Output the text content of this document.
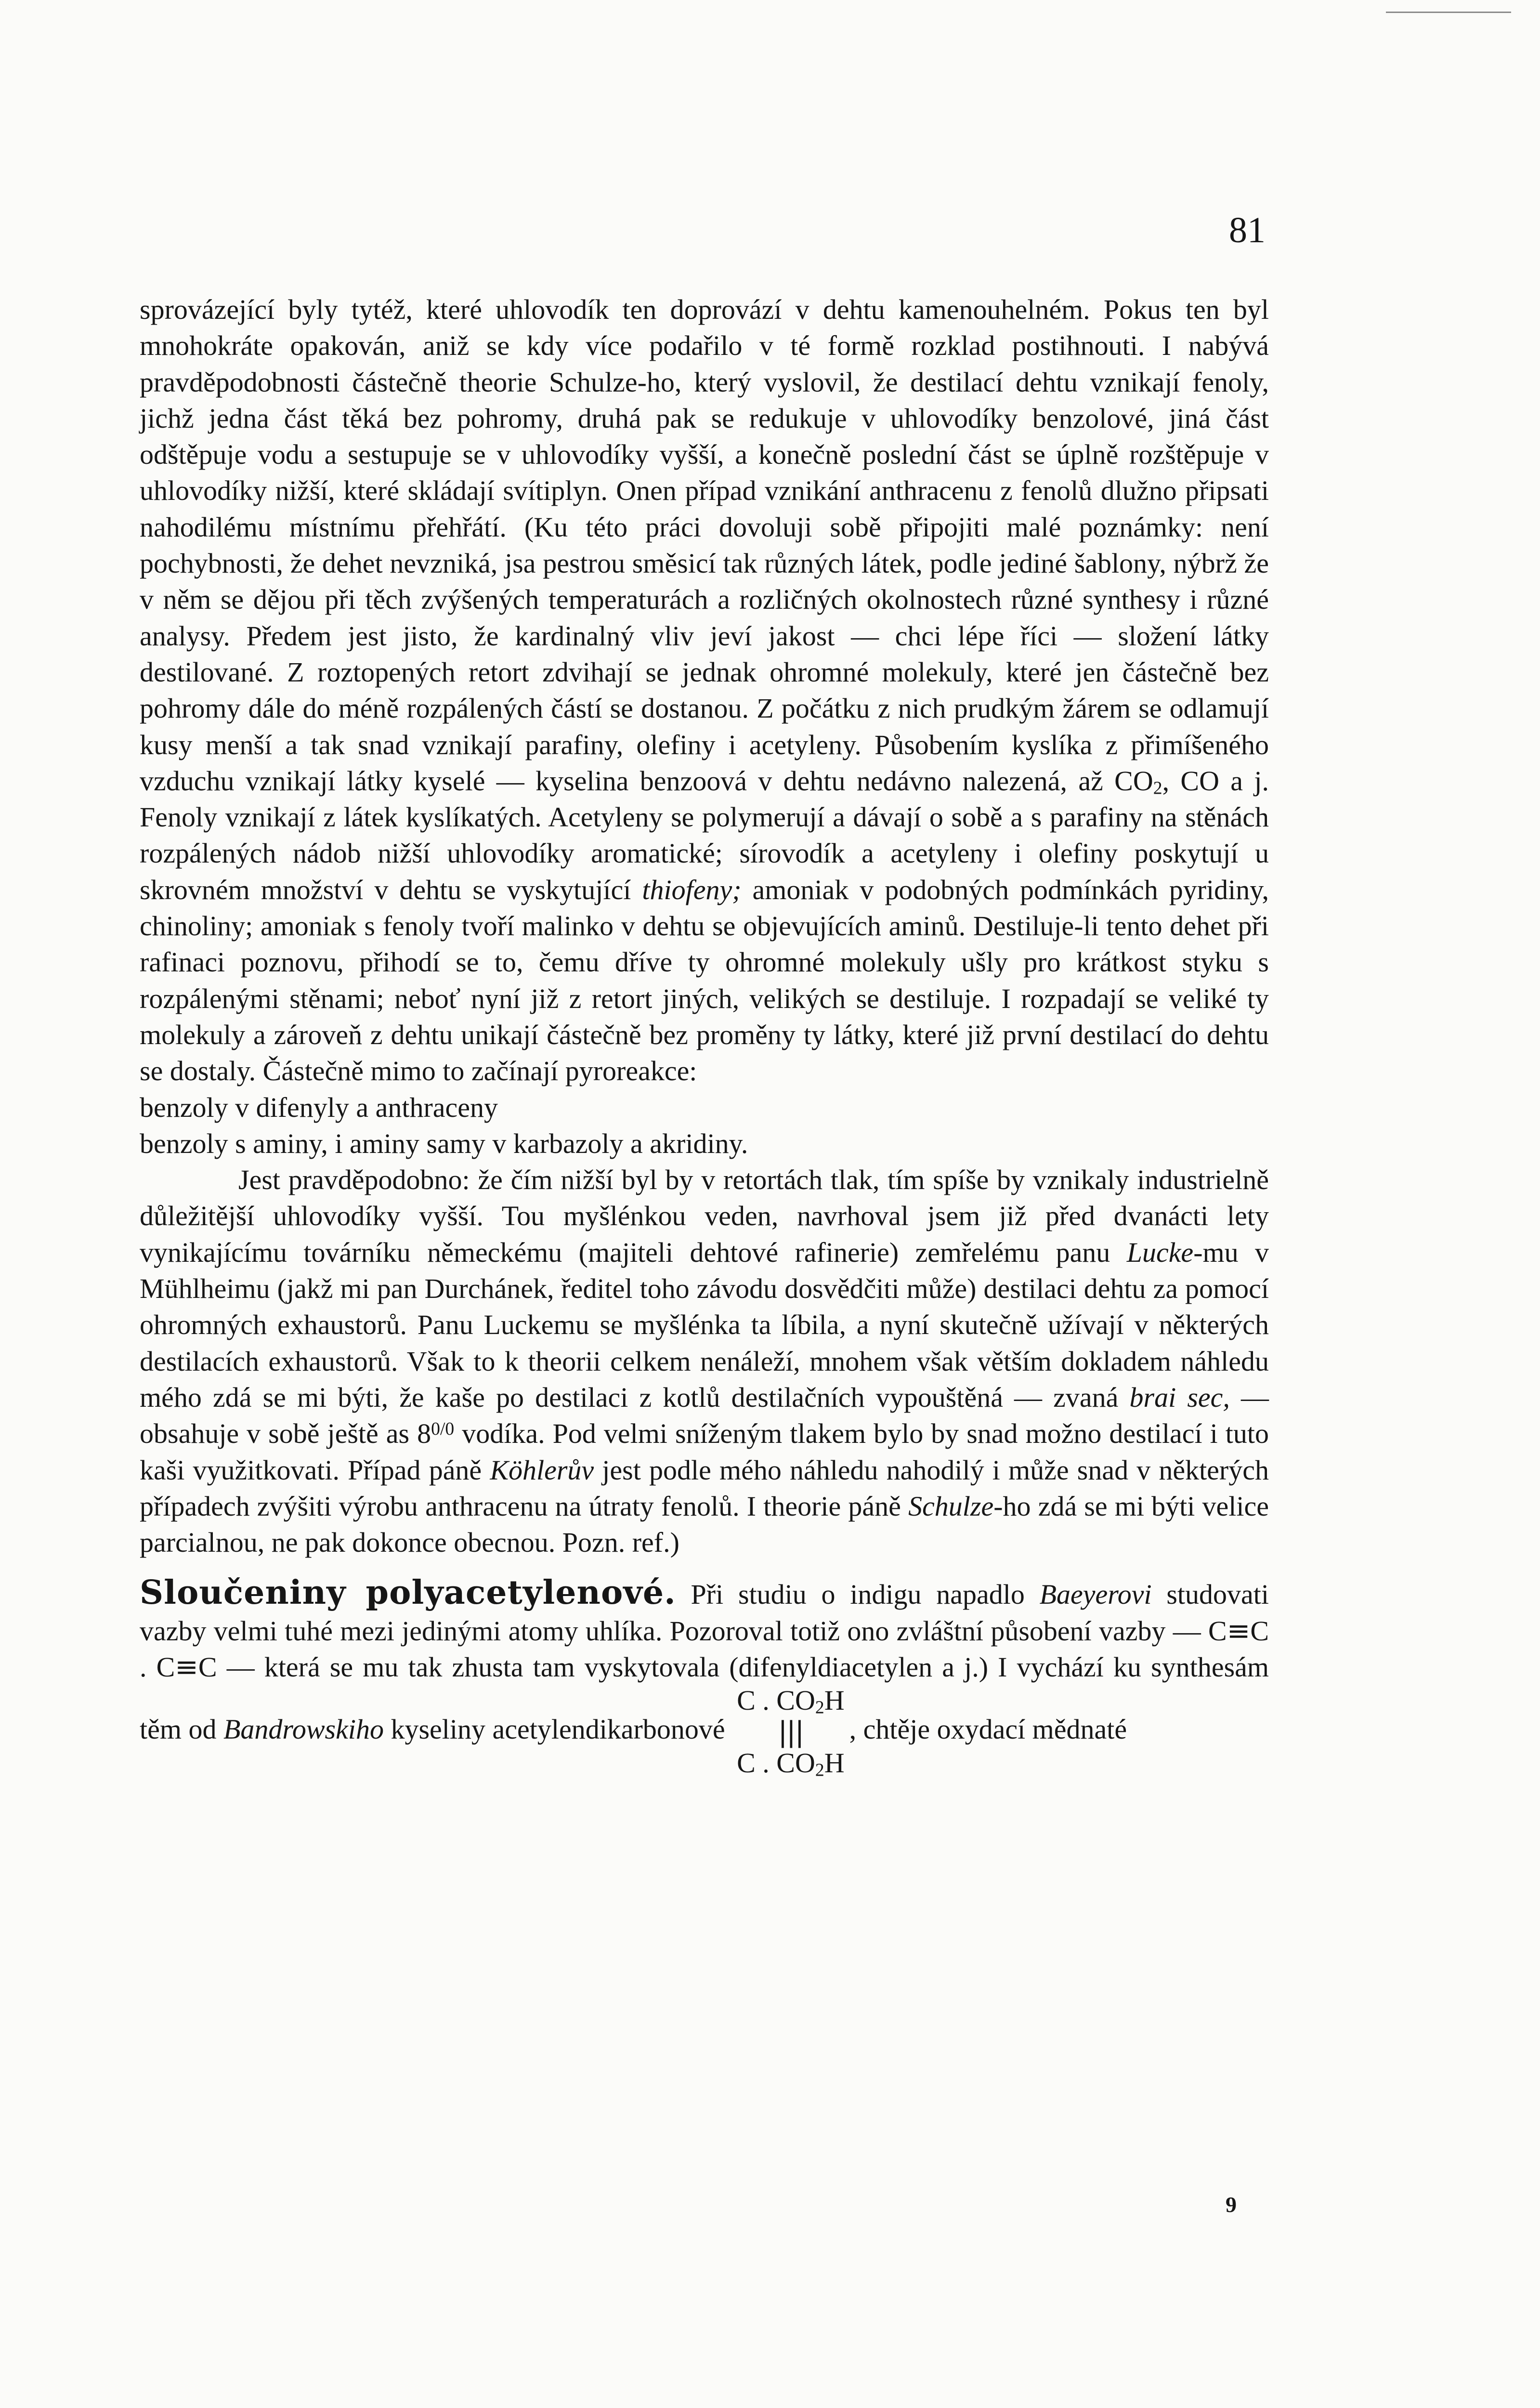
81

sprovázející byly tytéž, které uhlovodík ten doprovází v dehtu kamenouhelném. Pokus ten byl mnohokráte opakován, aniž se kdy více podařilo v té formě rozklad postihnouti. I nabývá pravděpodobnosti částečně theorie Schulze-ho, který vyslovil, že destilací dehtu vznikají fenoly, jichž jedna část těká bez pohromy, druhá pak se redukuje v uhlovodíky benzolové, jiná část odštěpuje vodu a sestupuje se v uhlovodíky vyšší, a konečně poslední část se úplně rozštěpuje v uhlovodíky nižší, které skládají svítiplyn. Onen případ vznikání anthracenu z fenolů dlužno připsati nahodilému místnímu přehřátí. (Ku této práci dovoluji sobě připojiti malé poznámky: není pochybnosti, že dehet nevzniká, jsa pestrou směsicí tak různých látek, podle jediné šablony, nýbrž že v něm se dějou při těch zvýšených temperaturách a rozličných okolnostech různé synthesy i různé analysy. Předem jest jisto, že kardinalný vliv jeví jakost — chci lépe říci — složení látky destilované. Z roztopených retort zdvihají se jednak ohromné molekuly, které jen částečně bez pohromy dále do méně rozpálených částí se dostanou. Z počátku z nich prudkým žárem se odlamují kusy menší a tak snad vznikají parafiny, olefiny i acetyleny. Působením kyslíka z přimíšeného vzduchu vznikají látky kyselé — kyselina benzoová v dehtu nedávno nalezená, až $CO_2$, CO a j. Fenoly vznikají z látek kyslíkatých. Acetyleny se polymerují a dávají o sobě a s parafiny na stěnách rozpálených nádob nižší uhlovodíky aromatické; sírovodík a acetyleny i olefiny poskytují u skrovném množství v dehtu se vyskytující thiofeny; amoniak v podobných podmínkách pyridiny, chinoliny; amoniak s fenoly tvoří malinko v dehtu se objevujících aminů. Destiluje-li tento dehet při rafinaci poznovu, přihodí se to, čemu dříve ty ohromné molekuly ušly pro krátkost styku s rozpálenými stěnami; neboť nyní již z retort jiných, velikých se destiluje. I rozpadají se veliké ty molekuly a zároveň z dehtu unikají částečně bez proměny ty látky, které již první destilací do dehtu se dostaly. Částečně mimo to začínají pyroreakce:

benzoly v difenyly a anthraceny

benzoly s aminy, i aminy samy v karbazoly a akridiny.

Jest pravděpodobno: že čím nižší byl by v retortách tlak, tím spíše by vznikaly industrielně důležitější uhlovodíky vyšší. Tou myšlénkou veden, navrhoval jsem již před dvanácti lety vynikajícímu továrníku německému (majiteli dehtové rafinerie) zemřelému panu Lucke-mu v Mühlheimu (jakž mi pan Durchánek, ředitel toho závodu dosvědčiti může) destilaci dehtu za pomocí ohromných exhaustorů. Panu Luckemu se myšlénka ta líbila, a nyní skutečně užívají v některých destilacích exhaustorů. Však to k theorii celkem nenáleží, mnohem však větším dokladem náhledu mého zdá se mi býti, že kaše po destilaci z kotlů destilačních vypouštěná — zvaná brai sec, — obsahuje v sobě ještě as $8^{0/0}$ vodíka. Pod velmi sníženým tlakem bylo by snad možno destilací i tuto kaši využitkovati. Případ páně Köhlerův jest podle mého náhledu nahodilý i může snad v některých případech zvýšiti výrobu anthracenu na útraty fenolů. I theorie páně Schulze-ho zdá se mi býti velice parcialnou, ne pak dokonce obecnou. Pozn. ref.)

Sloučeniny polyacetylenové. Při studiu o indigu napadlo Baeyerovi studovati vazby velmi tuhé mezi jedinými atomy uhlíka. Pozoroval totiž ono zvláštní působení vazby — C≡C . C≡C — která se mu tak zhusta tam vyskytovala (difenyldiacetylen a j.) I vychází ku synthesám těm od Bandrowskiho kyseliny acetylendikarbonové
C . $CO_2H$
|||
C . $CO_2H$
, chtěje oxydací mědnaté

9
